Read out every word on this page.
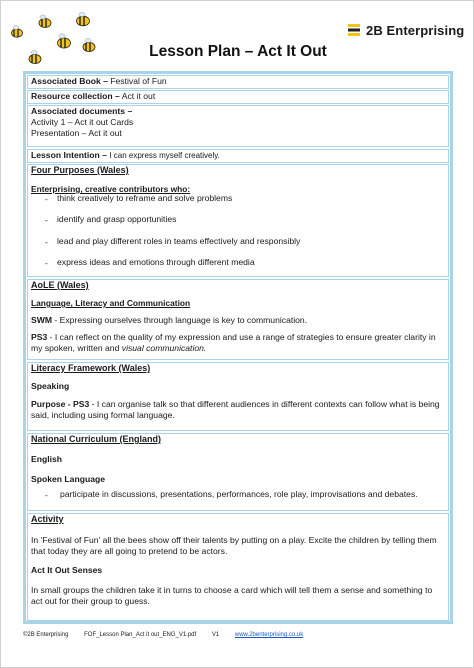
2B Enterprising
Lesson Plan – Act It Out
Associated Book – Festival of Fun
Resource collection – Act it out
Associated documents –
Activity 1 – Act it out Cards
Presentation – Act it out
Lesson Intention – I can express myself creatively.
Four Purposes (Wales)
Enterprising, creative contributors who:
- think creatively to reframe and solve problems
- identify and grasp opportunities
- lead and play different roles in teams effectively and responsibly
- express ideas and emotions through different media
AoLE (Wales)
Language, Literacy and Communication
SWM - Expressing ourselves through language is key to communication.
PS3 - I can reflect on the quality of my expression and use a range of strategies to ensure greater clarity in my spoken, written and visual communication.
Literacy Framework (Wales)
Speaking
Purpose - PS3 - I can organise talk so that different audiences in different contexts can follow what is being said, including using formal language.
National Curriculum (England)
English
Spoken Language
- participate in discussions, presentations, performances, role play, improvisations and debates.
Activity
In 'Festival of Fun' all the bees show off their talents by putting on a play. Excite the children by telling them that today they are all going to pretend to be actors.
Act It Out Senses
In small groups the children take it in turns to choose a card which will tell them a sense and something to act out for their group to guess.
©2B Enterprising	FOF_Lesson Plan_Act it out_ENG_V1.pdf	V1	www.2benterprising.co.uk
